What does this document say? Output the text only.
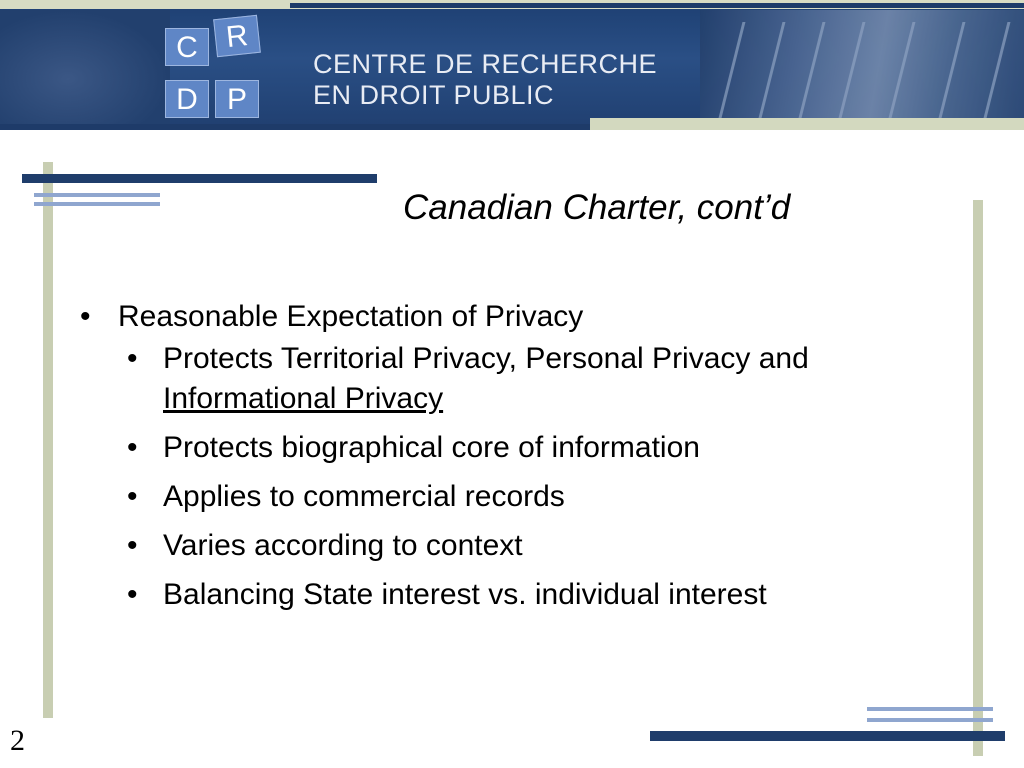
C R
D P
CENTRE DE RECHERCHE
EN DROIT PUBLIC
Canadian Charter, cont’d
• Reasonable Expectation of Privacy
• Protects Territorial Privacy, Personal Privacy and Informational Privacy
• Protects biographical core of information
• Applies to commercial records
• Varies according to context
• Balancing State interest vs. individual interest
2
